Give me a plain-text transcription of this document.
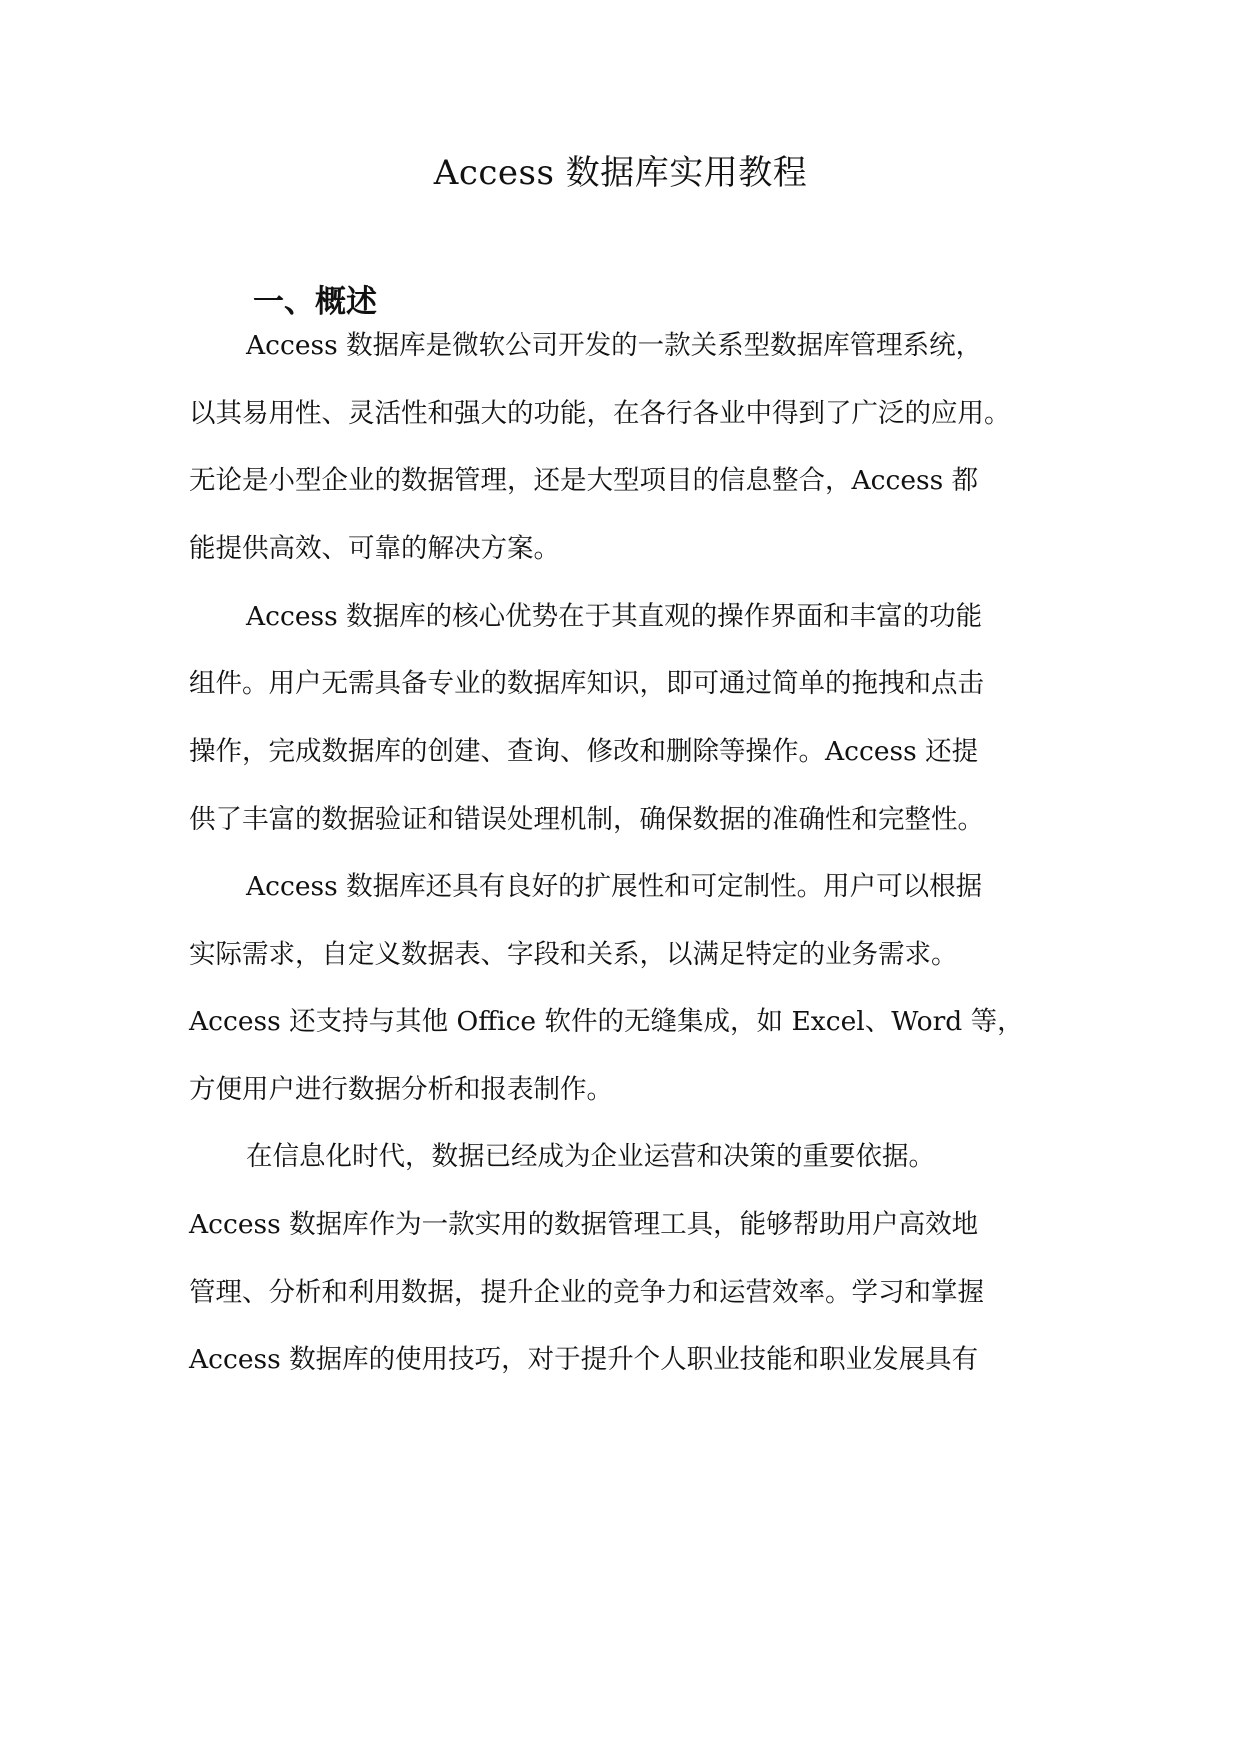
Access 数据库实用教程
一、概述
Access 数据库是微软公司开发的一款关系型数据库管理系统，
以其易用性、灵活性和强大的功能，在各行各业中得到了广泛的应用。
无论是小型企业的数据管理，还是大型项目的信息整合，Access 都
能提供高效、可靠的解决方案。
Access 数据库的核心优势在于其直观的操作界面和丰富的功能
组件。用户无需具备专业的数据库知识，即可通过简单的拖拽和点击
操作，完成数据库的创建、查询、修改和删除等操作。Access 还提
供了丰富的数据验证和错误处理机制，确保数据的准确性和完整性。
Access 数据库还具有良好的扩展性和可定制性。用户可以根据
实际需求，自定义数据表、字段和关系，以满足特定的业务需求。
Access 还支持与其他 Office 软件的无缝集成，如 Excel、Word 等，
方便用户进行数据分析和报表制作。
在信息化时代，数据已经成为企业运营和决策的重要依据。
Access 数据库作为一款实用的数据管理工具，能够帮助用户高效地
管理、分析和利用数据，提升企业的竞争力和运营效率。学习和掌握
Access 数据库的使用技巧，对于提升个人职业技能和职业发展具有
